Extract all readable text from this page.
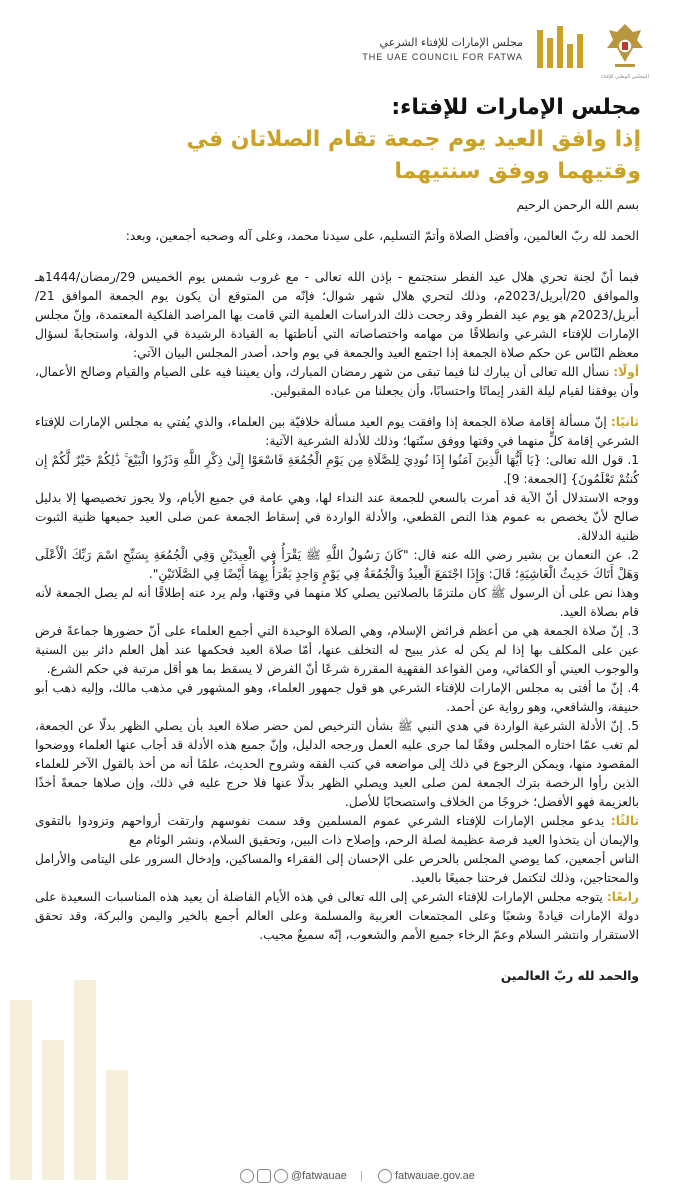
المجلس الوطني للإفتاء
مجلس الإمارات للإفتاء الشرعي
THE UAE COUNCIL FOR FATWA
مجلس الإمارات للإفتاء:
إذا وافق العيد يوم جمعة تقام الصلاتان في
وقتيهما ووفق سنتيهما

بسم الله الرحمن الرحيم

الحمد لله ربّ العالمين، وأفضل الصلاة وأتمّ التسليم، على سيدنا محمد، وعلى آله وصحبه أجمعين، وبعد:

فبما أنّ لجنة تحري هلال عيد الفطر ستجتمع - بإذن الله تعالى - مع غروب شمس يوم الخميس 29/رمضان/1444هـ والموافق 20/أبريل/2023م، وذلك لتحري هلال شهر شوال؛ فإنّه من المتوقع أن يكون يوم الجمعة الموافق 21/أبريل/2023م هو يوم عيد الفطر وقد رجحت ذلك الدراسات العلمية التي قامت بها المراصد الفلكية المعتمدة، وإنّ مجلس الإمارات للإفتاء الشرعي وانطلاقًا من مهامه واختصاصاته التي أناطتها به القيادة الرشيدة في الدولة، واستجابةً لسؤال معظم النّاس عن حكم صلاة الجمعة إذا اجتمع العيد والجمعة في يوم واحد، أصدر المجلس البيان الآتي:

أولًا: نسأل الله تعالى أن يبارك لنا فيما تبقى من شهر رمضان المبارك، وأن يعيننا فيه على الصيام والقيام وصالح الأعمال، وأن يوفقنا لقيام ليلة القدر إيمانًا واحتسابًا، وأن يجعلنا من عباده المقبولين.

ثانيًا: إنّ مسألة إقامة صلاة الجمعة إذا وافقت يوم العيد مسألة خلافيّة بين العلماء، والذي يُفتي به مجلس الإمارات للإفتاء الشرعي إقامة كلٍّ منهما في وقتها ووفق سنّتها؛ وذلك للأدلة الشرعية الآتية:

1. قول الله تعالى: {يَا أَيُّهَا الَّذِينَ آمَنُوا إِذَا نُودِيَ لِلصَّلَاةِ مِن يَوْمِ الْجُمُعَةِ فَاسْعَوْا إِلَىٰ ذِكْرِ اللَّهِ وَذَرُوا الْبَيْعَ ۚ ذَٰلِكُمْ خَيْرٌ لَّكُمْ إِن كُنتُمْ تَعْلَمُونَ} [الجمعة: 9].

ووجه الاستدلال أنّ الآية قد أمرت بالسعي للجمعة عند النداء لها، وهي عامة في جميع الأيام، ولا يجوز تخصيصها إلا بدليل صالح لأنّ يخصص به عموم هذا النص القطعي، والأدلة الواردة في إسقاط الجمعة عمن صلى العيد جميعها ظنية الثبوت ظنية الدلالة.

2. عن النعمان بن بشير رضي الله عنه قال: "كَانَ رَسُولُ اللَّهِ ﷺ يَقْرَأُ فِي الْعِيدَيْنِ وَفِي الْجُمُعَةِ بِسَبِّحِ اسْمَ رَبِّكَ الْأَعْلَى وَهَلْ أَتَاكَ حَدِيثُ الْغَاشِيَةِ؛ قَالَ: وَإِذَا اجْتَمَعَ الْعِيدُ وَالْجُمُعَةُ فِي يَوْمٍ وَاحِدٍ يَقْرَأُ بِهِمَا أَيْضًا فِي الصَّلَاتَيْنِ".

وهذا نص على أن الرسول ﷺ كان ملتزمًا بالصلاتين يصلي كلا منهما في وقتها، ولم يرد عنه إطلاقًا أنه لم يصل الجمعة لأنه قام بصلاة العيد.

3. إنّ صلاة الجمعة هي من أعظم فرائض الإسلام، وهي الصلاة الوحيدة التي أجمع العلماء على أنّ حضورها جماعةً فرض عين على المكلف بها إذا لم يكن له عذر يبيح له التخلف عنها، أمّا صلاة العيد فحكمها عند أهل العلم دائر بين السنية والوجوب العيني أو الكفائي، ومن القواعد الفقهية المقررة شرعًا أنّ الفرض لا يسقط بما هو أقل مرتبة في حكم الشرع.

4. إنّ ما أفتى به مجلس الإمارات للإفتاء الشرعي هو قول جمهور العلماء، وهو المشهور في مذهب مالك، وإليه ذهب أبو حنيفة، والشافعي، وهو رواية عن أحمد.

5. إنّ الأدلة الشرعية الواردة في هدي النبي ﷺ بشأن الترخيص لمن حضر صلاة العيد بأن يصلي الظهر بدلًا عن الجمعة، لم تغب عمّا اختاره المجلس وفقًا لما جرى عليه العمل ورجحه الدليل، وإنّ جميع هذه الأدلة قد أجاب عنها العلماء ووضحوا المقصود منها، ويمكن الرجوع في ذلك إلى مواضعه في كتب الفقه وشروح الحديث، علمًا أنه من أخذ بالقول الآخر للعلماء الذين رأوا الرخصة بترك الجمعة لمن صلى العيد ويصلي الظهر بدلًا عنها فلا حرج عليه في ذلك، وإن صلاها جمعةً أخذًا بالعزيمة فهو الأفضل؛ خروجًا من الخلاف واستصحابًا للأصل.

ثالثًا: يدعو مجلس الإمارات للإفتاء الشرعي عموم المسلمين وقد سمت نفوسهم وارتقت أرواحهم وتزودوا بالتقوى والإيمان أن يتخذوا العيد فرصة عظيمة لصلة الرحم، وإصلاح ذات البين، وتحقيق السلام، ونشر الوئام مع

الناس أجمعين، كما يوصي المجلس بالحرص على الإحسان إلى الفقراء والمساكين، وإدخال السرور على اليتامى والأرامل والمحتاجين، وذلك لتكتمل فرحتنا جميعًا بالعيد.

رابعًا: يتوجه مجلس الإمارات للإفتاء الشرعي إلى الله تعالى في هذه الأيام الفاضلة أن يعيد هذه المناسبات السعيدة على دولة الإمارات قيادةً وشعبًا وعلى المجتمعات العربية والمسلمة وعلى العالم أجمع بالخير واليمن والبركة، وقد تحقق الاستقرار وانتشر السلام وعمّ الرخاء جميع الأمم والشعوب، إنّه سميعٌ مجيب.

والحمد لله ربّ العالمين

@fatwauae |	fatwauae.gov.ae
